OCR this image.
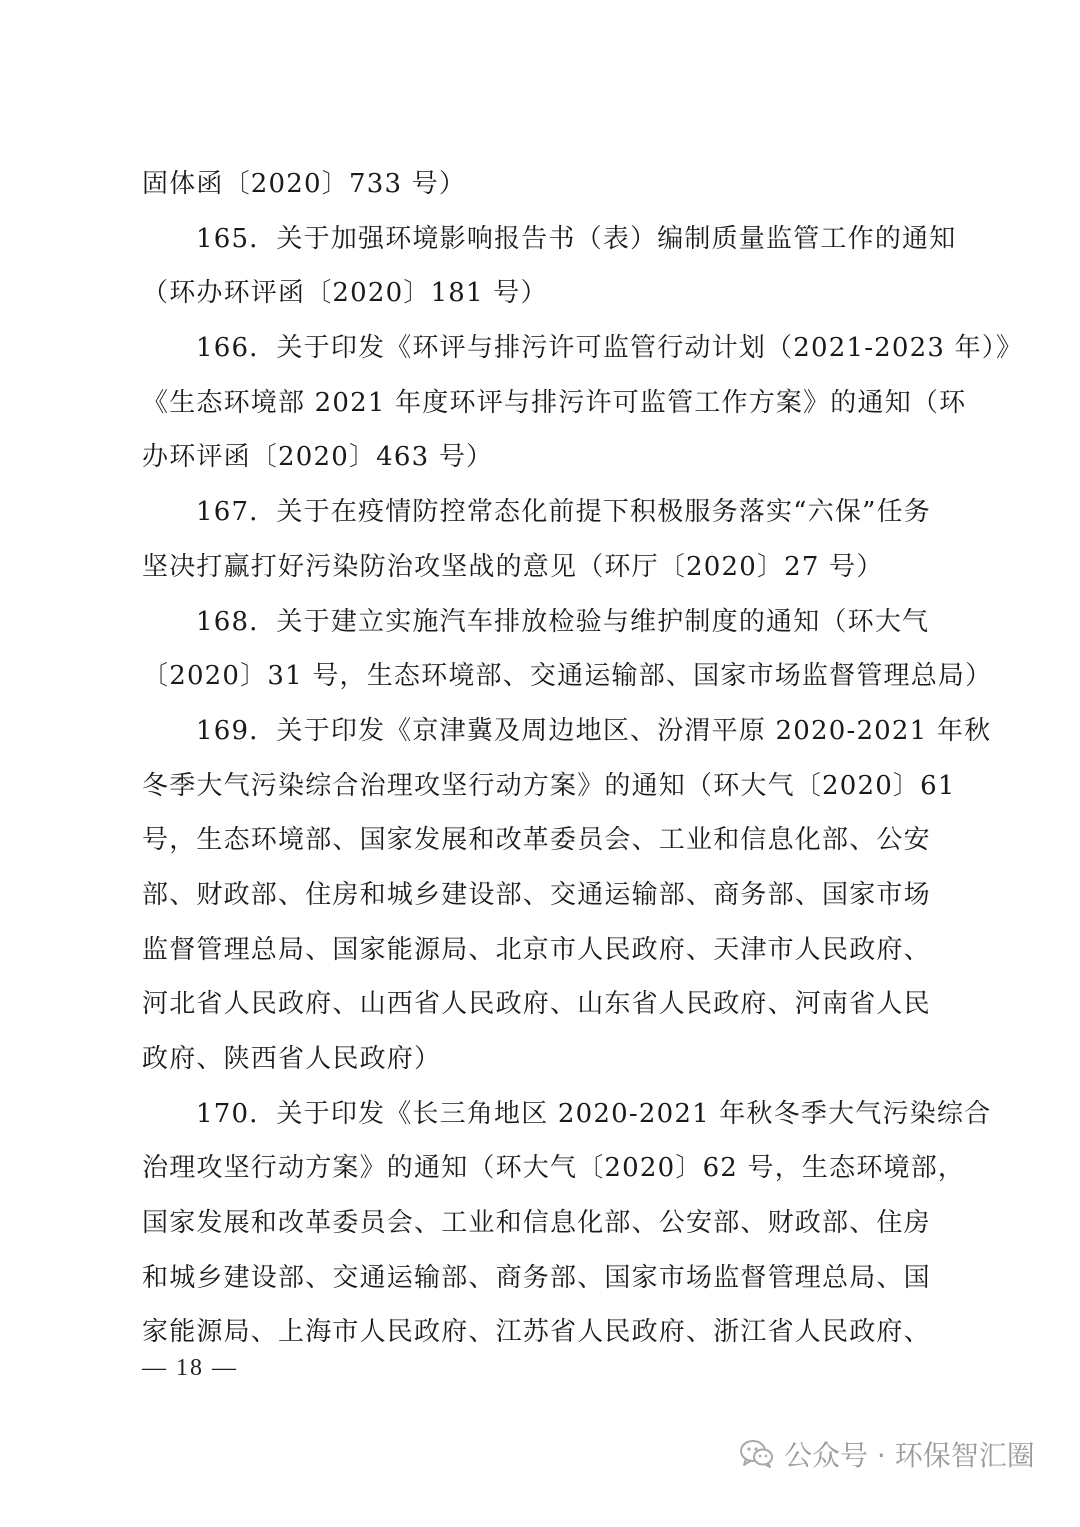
固体函〔2020〕733 号）
165．关于加强环境影响报告书（表）编制质量监管工作的通知
（环办环评函〔2020〕181 号）
166．关于印发《环评与排污许可监管行动计划（2021-2023 年）》
《生态环境部 2021 年度环评与排污许可监管工作方案》的通知（环
办环评函〔2020〕463 号）
167．关于在疫情防控常态化前提下积极服务落实“六保”任务
坚决打赢打好污染防治攻坚战的意见（环厅〔2020〕27 号）
168．关于建立实施汽车排放检验与维护制度的通知（环大气
〔2020〕31 号，生态环境部、交通运输部、国家市场监督管理总局）
169．关于印发《京津冀及周边地区、汾渭平原 2020-2021 年秋
冬季大气污染综合治理攻坚行动方案》的通知（环大气〔2020〕61
号，生态环境部、国家发展和改革委员会、工业和信息化部、公安
部、财政部、住房和城乡建设部、交通运输部、商务部、国家市场
监督管理总局、国家能源局、北京市人民政府、天津市人民政府、
河北省人民政府、山西省人民政府、山东省人民政府、河南省人民
政府、陕西省人民政府）
170．关于印发《长三角地区 2020-2021 年秋冬季大气污染综合
治理攻坚行动方案》的通知（环大气〔2020〕62 号，生态环境部，
国家发展和改革委员会、工业和信息化部、公安部、财政部、住房
和城乡建设部、交通运输部、商务部、国家市场监督管理总局、国
家能源局、上海市人民政府、江苏省人民政府、浙江省人民政府、
— 18 —
公众号 · 环保智汇圈
